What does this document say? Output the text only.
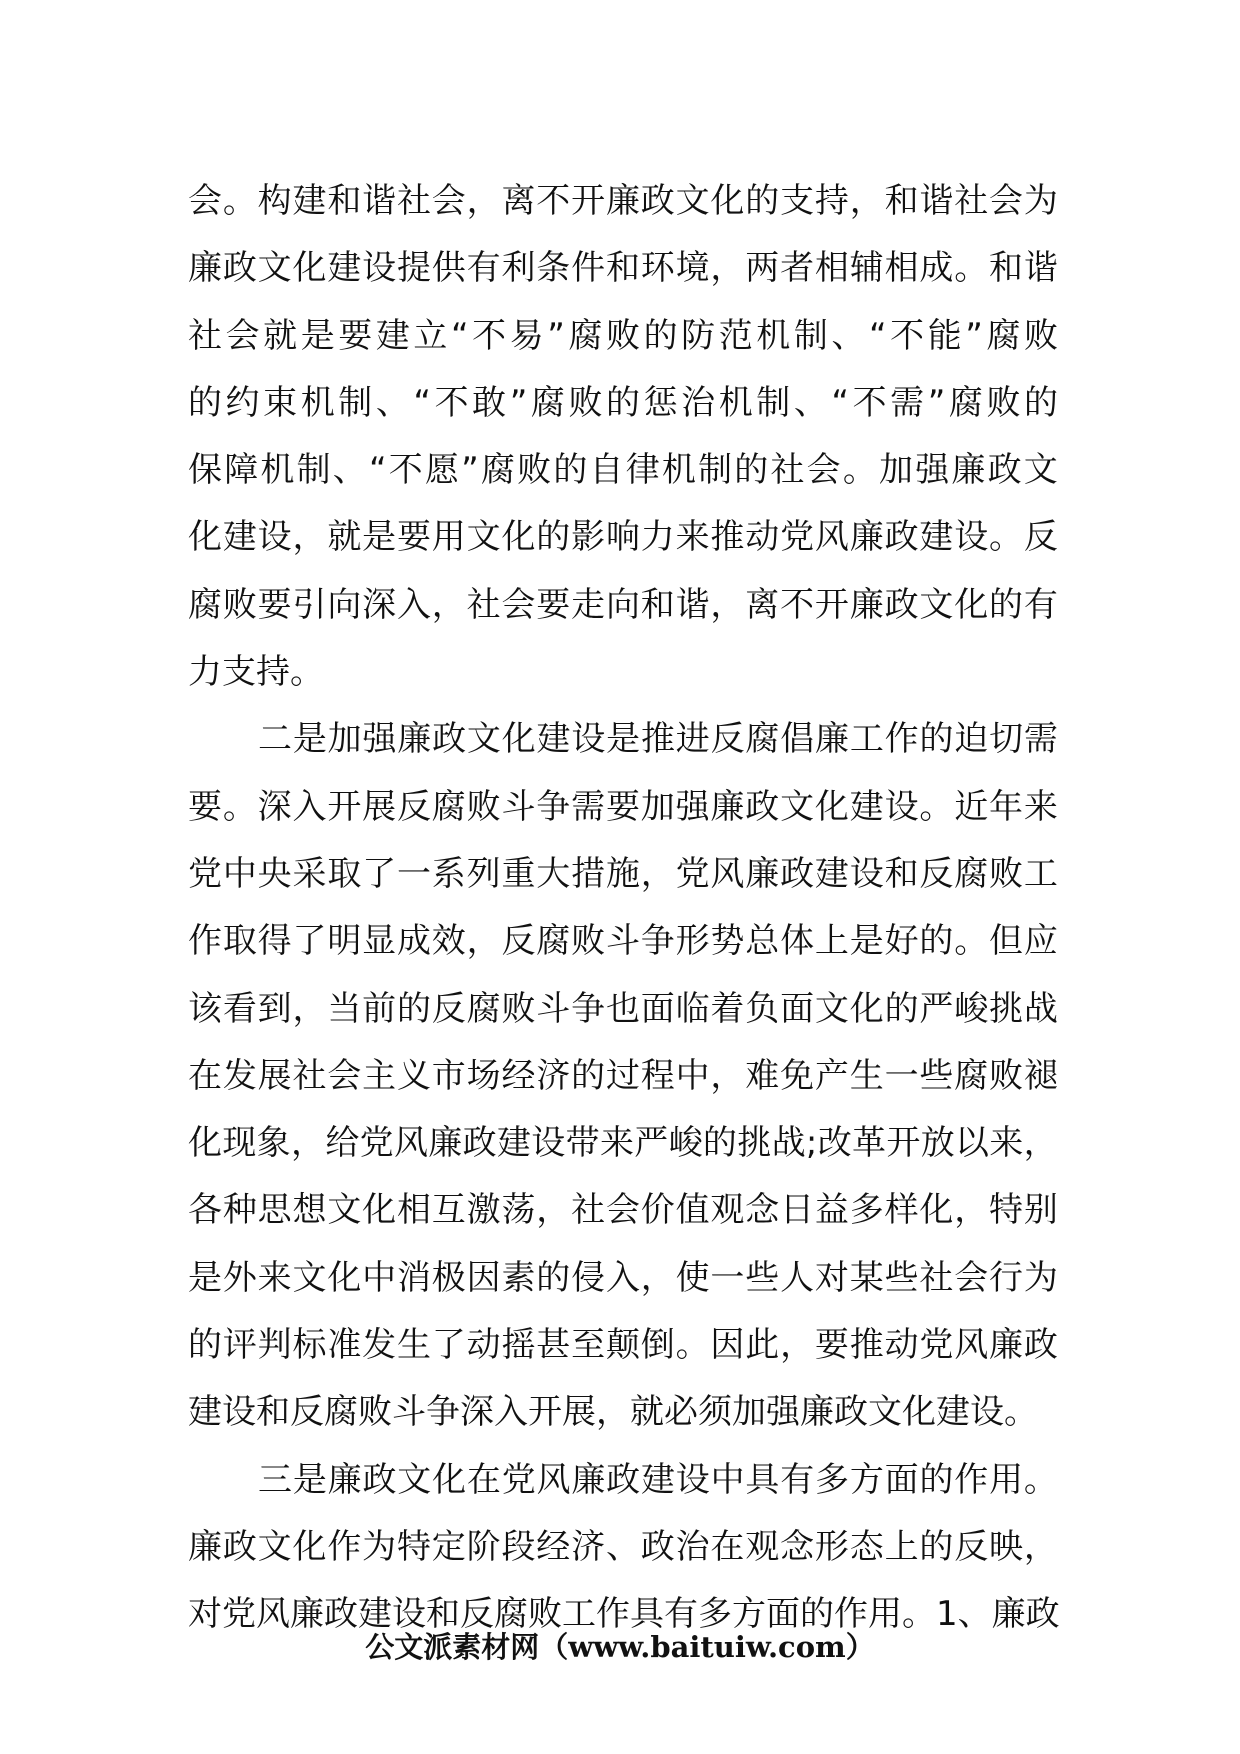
会 。 构 建 和 谐 社 会 ， 离 不 开 廉 政 文 化 的 支 持 ， 和 谐 社 会 为
廉 政 文 化 建 设 提 供 有 利 条 件 和 环 境 ， 两 者 相 辅 相 成 。 和 谐
社 会 就 是 要 建 立 “ 不 易 ” 腐 败 的 防 范 机 制 、 “ 不 能 ” 腐 败
的 约 束 机 制 、 “ 不 敢 ” 腐 败 的 惩 治 机 制 、 “ 不 需 ” 腐 败 的
保 障 机 制 、 “ 不 愿 ” 腐 败 的 自 律 机 制 的 社 会 。 加 强 廉 政 文
化 建 设 ， 就 是 要 用 文 化 的 影 响 力 来 推 动 党 风 廉 政 建 设 。 反
腐 败 要 引 向 深 入 ， 社 会 要 走 向 和 谐 ， 离 不 开 廉 政 文 化 的 有
力支持。
二 是 加 强 廉 政 文 化 建 设 是 推 进 反 腐 倡 廉 工 作 的 迫 切 需
要 。 深 入 开 展 反 腐 败 斗 争 需 要 加 强 廉 政 文 化 建 设 。 近 年 来
党 中 央 采 取 了 一 系 列 重 大 措 施 ， 党 风 廉 政 建 设 和 反 腐 败 工
作 取 得 了 明 显 成 效 ， 反 腐 败 斗 争 形 势 总 体 上 是 好 的 。 但 应
该 看 到 ， 当 前 的 反 腐 败 斗 争 也 面 临 着 负 面 文 化 的 严 峻 挑 战
在 发 展 社 会 主 义 市 场 经 济 的 过 程 中 ， 难 免 产 生 一 些 腐 败 褪
化 现 象 ， 给 党 风 廉 政 建 设 带 来 严 峻 的 挑 战 ; 改 革 开 放 以 来 ，
各 种 思 想 文 化 相 互 激 荡 ， 社 会 价 值 观 念 日 益 多 样 化 ， 特 别
是 外 来 文 化 中 消 极 因 素 的 侵 入 ， 使 一 些 人 对 某 些 社 会 行 为
的 评 判 标 准 发 生 了 动 摇 甚 至 颠 倒 。 因 此 ， 要 推 动 党 风 廉 政
建设和反腐败斗争深入开展，就必须加强廉政文化建设。
三 是 廉 政 文 化 在 党 风 廉 政 建 设 中 具 有 多 方 面 的 作 用 。
廉 政 文 化 作 为 特 定 阶 段 经 济 、 政 治 在 观 念 形 态 上 的 反 映 ，
对 党 风 廉 政 建 设 和 反 腐 败 工 作 具 有 多 方 面 的 作 用 。 1 、 廉 政
公文派素材网（www.baituiw.com）
